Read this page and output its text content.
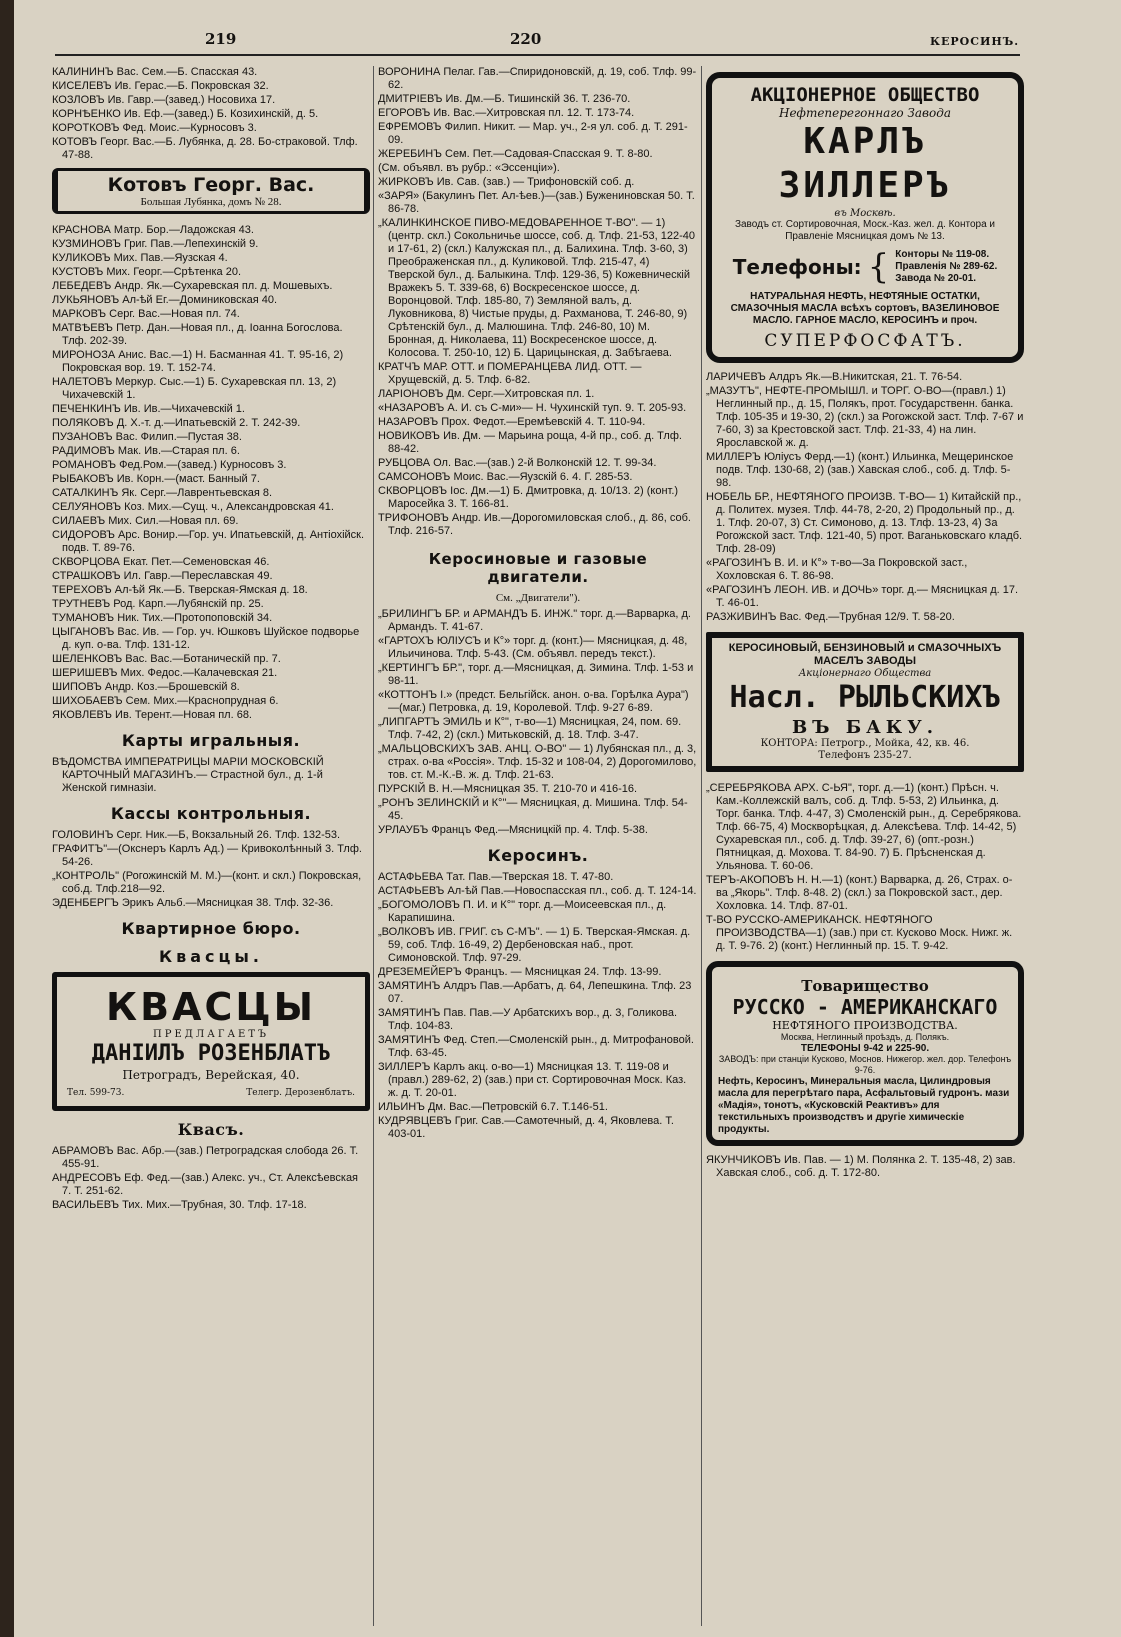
219	220	КЕРОСИНЪ.
КАЛИНИНЪ Вас. Сем.—Б. Спасская 43.
КИСЕЛЕВЪ Ив. Герас.—Б. Покровская 32.
КОЗЛОВЪ Ив. Гавр.—(завед.) Носовиха 17.
КОРНѢЕНКО Ив. Еф.—(завед.) Б. Козихинскій, д. 5.
КОРОТКОВЪ Фед. Моис.—Курносовъ 3.
КОТОВЪ Георг. Вас.—Б. Лубянка, д. 28. Бо-страковой. Тлф. 47-88.
Котовъ Георг. Вас.
Большая Лубянка, домъ № 28.
КРАСНОВА Матр. Бор.—Ладожская 43.
КУЗМИНОВЪ Григ. Пав.—Лепехинскій 9.
КУЛИКОВЪ Мих. Пав.—Яузская 4.
КУСТОВЪ Мих. Георг.—Срѣтенка 20.
ЛЕБЕДЕВЪ Андр. Як.—Сухаревская пл. д. Мошевыхъ.
ЛУКЬЯНОВЪ Ал-ѣй Ег.—Доминиковская 40.
МАРКОВЪ Серг. Вас.—Новая пл. 74.
МАТВѢЕВЪ Петр. Дан.—Новая пл., д. Іоанна Богослова. Тлф. 202-39.
МИРОНОЗА Анис. Вас.—1) Н. Басманная 41. Т. 95-16, 2) Покровская вор. 19. Т. 152-74.
НАЛЕТОВЪ Меркур. Сыс.—1) Б. Сухаревская пл. 13, 2) Чихачевскій 1.
ПЕЧЕНКИНЪ Ив. Ив.—Чихачевскій 1.
ПОЛЯКОВЪ Д. Х.-т. д.—Ипатьевскій 2. Т. 242-39.
ПУЗАНОВЪ Вас. Филип.—Пустая 38.
РАДИМОВЪ Мак. Ив.—Старая пл. 6.
РОМАНОВЪ Фед.Ром.—(завед.) Курносовъ 3.
РЫБАКОВЪ Ив. Корн.—(маст. Банный 7.
САТАЛКИНЪ Як. Серг.—Лаврентьевская 8.
СЕЛУЯНОВЪ Коз. Мих.—Сущ. ч., Александровская 41.
СИЛАЕВЪ Мих. Сил.—Новая пл. 69.
СИДОРОВЪ Арс. Вонир.—Гор. уч. Ипатьевскій, д. Антіохійск. подв. Т. 89-76.
СКВОРЦОВА Екат. Пет.—Семеновская 46.
СТРАШКОВЪ Ил. Гавр.—Переславская 49.
ТЕРЕХОВЪ Ал-ѣй Як.—Б. Тверская-Ямская д. 18.
ТРУТНЕВЪ Род. Карп.—Лубянскій пр. 25.
ТУМАНОВЪ Ник. Тих.—Протопоповскій 34.
ЦЫГАНОВЪ Вас. Ив. — Гор. уч. Юшковъ Шуйское подворье д. куп. о-ва. Тлф. 131-12.
ШЕЛЕНКОВЪ Вас. Вас.—Ботаническій пр. 7.
ШЕРИШЕВЪ Мих. Федос.—Калачевская 21.
ШИПОВЪ Андр. Коз.—Брошевскій 8.
ШИХОБАЕВЪ Сем. Мих.—Краснопрудная 6.
ЯКОВЛЕВЪ Ив. Терент.—Новая пл. 68.
Карты игральныя.
ВѢДОМСТВА ИМПЕРАТРИЦЫ МАРІИ МОСКОВСКІЙ КАРТОЧНЫЙ МАГАЗИНЪ.— Страстной бул., д. 1-й Женской гимназіи.
Кассы контрольныя.
ГОЛОВИНЪ Серг. Ник.—Б, Вокзальный 26. Тлф. 132-53.
ГРАФИТЪ"—(Окснеръ Карлъ Ад.) — Кривоколѣнный 3. Тлф. 54-26.
„КОНТРОЛЬ" (Рогожинскій М. М.)—(конт. и скл.) Покровская, соб.д. Тлф.218—92.
ЭДЕНБЕРГЪ Эрикъ Альб.—Мясницкая 38. Тлф. 32-36.
Квартирное бюро.
Квасцы.
КВАСЦЫ
ПРЕДЛАГАЕТЪ
ДАНІИЛЪ РОЗЕНБЛАТЪ
Петроградъ, Верейская, 40.
Тел. 599-73.	Телегр. Дерозенблатъ.
Квасъ.
АБРАМОВЪ Вас. Абр.—(зав.) Петроградская слобода 26. Т. 455-91.
АНДРЕСОВЪ Еф. Фед.—(зав.) Алекс. уч., Ст. Алексѣевская 7. Т. 251-62.
ВАСИЛЬЕВЪ Тих. Мих.—Трубная, 30. Тлф. 17-18.
ВОРОНИНА Пелаг. Гав.—Спиридоновскій, д. 19, соб. Тлф. 99-62.
ДМИТРІЕВЪ Ив. Дм.—Б. Тишинскій 36. Т. 236-70.
ЕГОРОВЪ Ив. Вас.—Хитровская пл. 12. Т. 173-74.
ЕФРЕМОВЪ Филип. Никит. — Мар. уч., 2-я ул. соб. д. Т. 291-09.
ЖЕРЕБИНЪ Сем. Пет.—Садовая-Спасская 9. Т. 8-80.
(См. объявл. въ рубр.: «Эссенціи»).
ЖИРКОВЪ Ив. Сав. (зав.) — Трифоновскій соб. д.
«ЗАРЯ» (Бакулинъ Пет. Ал-ѣев.)—(зав.) Бужениновская 50. Т. 86-78.
„КАЛИНКИНСКОЕ ПИВО-МЕДОВАРЕННОЕ Т-ВО". — 1) (центр. скл.) Сокольничье шоссе, соб. д. Тлф. 21-53, 122-40 и 17-61, 2) (скл.) Калужская пл., д. Балихина. Тлф. 3-60, 3) Преображенская пл., д. Куликовой. Тлф. 215-47, 4) Тверской бул., д. Балыкина. Тлф. 129-36, 5) Кожевническій Вражекъ 5. Т. 339-68, 6) Воскресенское шоссе, д. Воронцовой. Тлф. 185-80, 7) Земляной валъ, д. Луковникова, 8) Чистые пруды, д. Рахманова, Т. 246-80, 9) Срѣтенскій бул., д. Малюшина. Тлф. 246-80, 10) М. Бронная, д. Николаева, 11) Воскресенское шоссе, д. Колосова. Т. 250-10, 12) Б. Царицынская, д. Забѣгаева.
КРАТЧЪ МАР. ОТТ. и ПОМЕРАНЦЕВА ЛИД. ОТТ. — Хрущевскій, д. 5. Тлф. 6-82.
ЛАРІОНОВЪ Дм. Серг.—Хитровская пл. 1.
«НАЗАРОВЪ А. И. съ С-ми»— Н. Чухинскій туп. 9. Т. 205-93.
НАЗАРОВЪ Прох. Федот.—Еремѣевскій 4. Т. 110-94.
НОВИКОВЪ Ив. Дм. — Марьина роща, 4-й пр., соб. д. Тлф. 88-42.
РУБЦОВА Ол. Вас.—(зав.) 2-й Волконскій 12. Т. 99-34.
САМСОНОВЪ Моис. Вас.—Яузскій 6. 4. Г. 285-53.
СКВОРЦОВЪ Іос. Дм.—1) Б. Дмитровка, д. 10/13. 2) (конт.) Маросейка 3. Т. 166-81.
ТРИФОНОВЪ Андр. Ив.—Дорогомиловская слоб., д. 86, соб. Тлф. 216-57.
Керосиновые и газовые двигатели.
См. „Двигатели").
„БРИЛИНГЪ БР. и АРМАНДЪ Б. ИНЖ." торг. д.—Варварка, д. Армандъ. Т. 41-67.
«ГАРТОХЪ ЮЛІУСЪ и К°» торг. д. (конт.)— Мясницкая, д. 48, Ильичинова. Тлф. 5-43. (См. объявл. передъ текст.).
„КЕРТИНГЪ БР.", торг. д.—Мясницкая, д. Зимина. Тлф. 1-53 и 98-11.
«КОТТОНЪ I.» (предст. Бельгійск. анон. о-ва. Горѣлка Аура")—(маг.) Петровка, д. 19, Королевой. Тлф. 9-27 6-89.
„ЛИПГАРТЪ ЭМИЛЬ и К°", т-во—1) Мясницкая, 24, пом. 69. Тлф. 7-42, 2) (скл.) Митьковскій, д. 18. Тлф. 3-47.
„МАЛЬЦОВСКИХЪ ЗАВ. АНЦ. О-ВО" — 1) Лубянская пл., д. 3, страх. о-ва «Россія». Тлф. 15-32 и 108-04, 2) Дорогомилово, тов. ст. М.-К.-В. ж. д. Тлф. 21-63.
ПУРСКІЙ В. Н.—Мясницкая 35. Т. 210-70 и 416-16.
„РОНЪ ЗЕЛИНСКІЙ и К°"— Мясницкая, д. Мишина. Тлф. 54-45.
УРЛАУБЪ Францъ Фед.—Мясницкій пр. 4. Тлф. 5-38.
Керосинъ.
АСТАФЬЕВА Тат. Пав.—Тверская 18. Т. 47-80.
АСТАФЬЕВЪ Ал-ѣй Пав.—Новоспасская пл., соб. д. Т. 124-14.
„БОГОМОЛОВЪ П. И. и К°" торг. д.—Моисеевская пл., д. Карапишина.
„ВОЛКОВЪ ИВ. ГРИГ. съ С-МЪ". — 1) Б. Тверская-Ямская. д. 59, соб. Тлф. 16-49, 2) Дербеновская наб., прот. Симоновской. Тлф. 97-29.
ДРЕЗЕМЕЙЕРЪ Францъ. — Мясницкая 24. Тлф. 13-99.
ЗАМЯТИНЪ Алдръ Пав.—Арбатъ, д. 64, Лепешкина. Тлф. 23 07.
ЗАМЯТИНЪ Пав. Пав.—У Арбатскихъ вор., д. 3, Голикова. Тлф. 104-83.
ЗАМЯТИНЪ Фед. Степ.—Смоленскій рын., д. Митрофановой. Тлф. 63-45.
ЗИЛЛЕРЪ Карлъ акц. о-во—1) Мясницкая 13. Т. 119-08 и (правл.) 289-62, 2) (зав.) при ст. Сортировочная Моск. Каз. ж. д. Т. 20-01.
ИЛЬИНЪ Дм. Вас.—Петровскій 6.7. Т.146-51.
КУДРЯВЦЕВЪ Григ. Сав.—Самотечный, д. 4, Яковлева. Т. 403-01.
АКЦІОНЕРНОЕ ОБЩЕСТВО
Нефтеперегоннаго Завода
КАРЛЪ ЗИЛЛЕРЪ
въ Москвѣ.
Заводъ ст. Сортировочная, Моск.-Каз. жел. д. Контора и Правленіе Мясницкая домъ № 13.
Телефоны: { Конторы № 119-08.
Правленія № 289-62.
Завода № 20-01.
НАТУРАЛЬНАЯ НЕФТЬ, НЕФТЯНЫЕ ОСТАТКИ, СМАЗОЧНЫЯ МАСЛА всѣхъ сортовъ, ВАЗЕЛИНОВОЕ МАСЛО. ГАРНОЕ МАСЛО, КЕРОСИНЪ и проч.
СУПЕРФОСФАТЪ.
ЛАРИЧЕВЪ Алдръ Як.—В.Никитская, 21. Т. 76-54.
„МАЗУТЪ", НЕФТЕ-ПРОМЫШЛ. и ТОРГ. О-ВО—(правл.) 1) Неглинный пр., д. 15, Полякъ, прот. Государственн. банка. Тлф. 105-35 и 19-30, 2) (скл.) за Рогожской заст. Тлф. 7-67 и 7-60, 3) за Крестовской заст. Тлф. 21-33, 4) на лин. Ярославской ж. д.
МИЛЛЕРЪ Юліусъ Ферд.—1) (конт.) Ильинка, Мещеринское подв. Тлф. 130-68, 2) (зав.) Хавская слоб., соб. д. Тлф. 5-98.
НОБЕЛЬ БР., НЕФТЯНОГО ПРОИЗВ. Т-ВО— 1) Китайскій пр., д. Политех. музея. Тлф. 44-78, 2-20, 2) Продольный пр., д. 1. Тлф. 20-07, 3) Ст. Симоново, д. 13. Тлф. 13-23, 4) За Рогожской заст. Тлф. 121-40, 5) прот. Ваганьковскаго кладб. Тлф. 28-09)
«РАГОЗИНЪ В. И. и К°» т-во—За Покровской заст., Хохловская 6. Т. 86-98.
«РАГОЗИНЪ ЛЕОН. ИВ. и ДОЧЬ» торг. д.— Мясницкая д. 17. Т. 46-01.
РАЗЖИВИНЪ Вас. Фед.—Трубная 12/9. Т. 58-20.
КЕРОСИНОВЫЙ, БЕНЗИНОВЫЙ и СМАЗОЧНЫХЪ МАСЕЛЪ ЗАВОДЫ
Акціонернаго Общества
Насл. РЫЛЬСКИХЪ
ВЪ БАКУ.
КОНТОРА: Петрогр., Мойка, 42, кв. 46.
Телефонъ 235-27.
„СЕРЕБРЯКОВА АРХ. С-ЬЯ", торг. д.—1) (конт.) Прѣсн. ч. Кам.-Коллежскій валъ, соб. д. Тлф. 5-53, 2) Ильинка, д. Торг. банка. Тлф. 4-47, 3) Смоленскій рын., д. Серебрякова. Тлф. 66-75, 4) Москворѣцкая, д. Алексѣева. Тлф. 14-42, 5) Сухаревская пл., соб. д. Тлф. 39-27, 6) (опт.-розн.) Пятницкая, д. Мохова. Т. 84-90. 7) Б. Прѣсненская д. Ульянова. Т. 60-06.
ТЕРЪ-АКОПОВЪ Н. Н.—1) (конт.) Варварка, д. 26, Страх. о-ва „Якорь". Тлф. 8-48. 2) (скл.) за Покровской заст., дер. Хохловка. 14. Тлф. 87-01.
Т-ВО РУССКО-АМЕРИКАНСК. НЕФТЯНОГО ПРОИЗВОДСТВА—1) (зав.) при ст. Кусково Моск. Нижг. ж. д. Т. 9-76. 2) (конт.) Неглинный пр. 15. Т. 9-42.
Товарищество
РУССКО - АМЕРИКАНСКАГО
НЕФТЯНОГО ПРОИЗВОДСТВА.
Москва, Неглинный проѣздъ, д. Полякъ.
ТЕЛЕФОНЫ 9-42 и 225-90.
ЗАВОДЪ: при станціи Кусково, Моснов. Нижегор. жел. дор. Телефонъ 9-76.
Нефть, Керосинъ, Минеральныя масла, Цилиндровыя масла для перегрѣтаго пара, Асфальтовый гудронъ. мази «Мадія», тонотъ, «Кусковскій Реактивъ» для текстильныхъ производствъ и другіе химическіе продукты.
ЯКУНЧИКОВЪ Ив. Пав. — 1) М. Полянка 2. Т. 135-48, 2) зав. Хавская слоб., соб. д. Т. 172-80.
